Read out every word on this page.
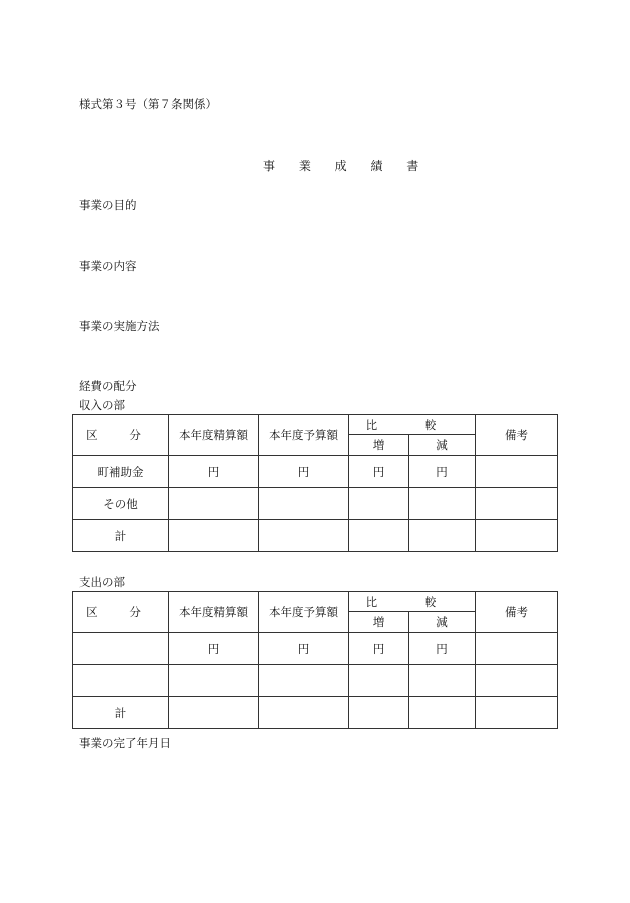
様式第３号（第７条関係）
事 業 成 績 書
事業の目的
事業の内容
事業の実施方法
経費の配分
収入の部
区 分	本年度精算額	本年度予算額	比 較		備考
			増	減	
町補助金	円	円	円	円	
その他					
計					
支出の部
区 分	本年度精算額	本年度予算額	比 較		備考
			増	減	
	円	円	円	円	

計					
事業の完了年月日
